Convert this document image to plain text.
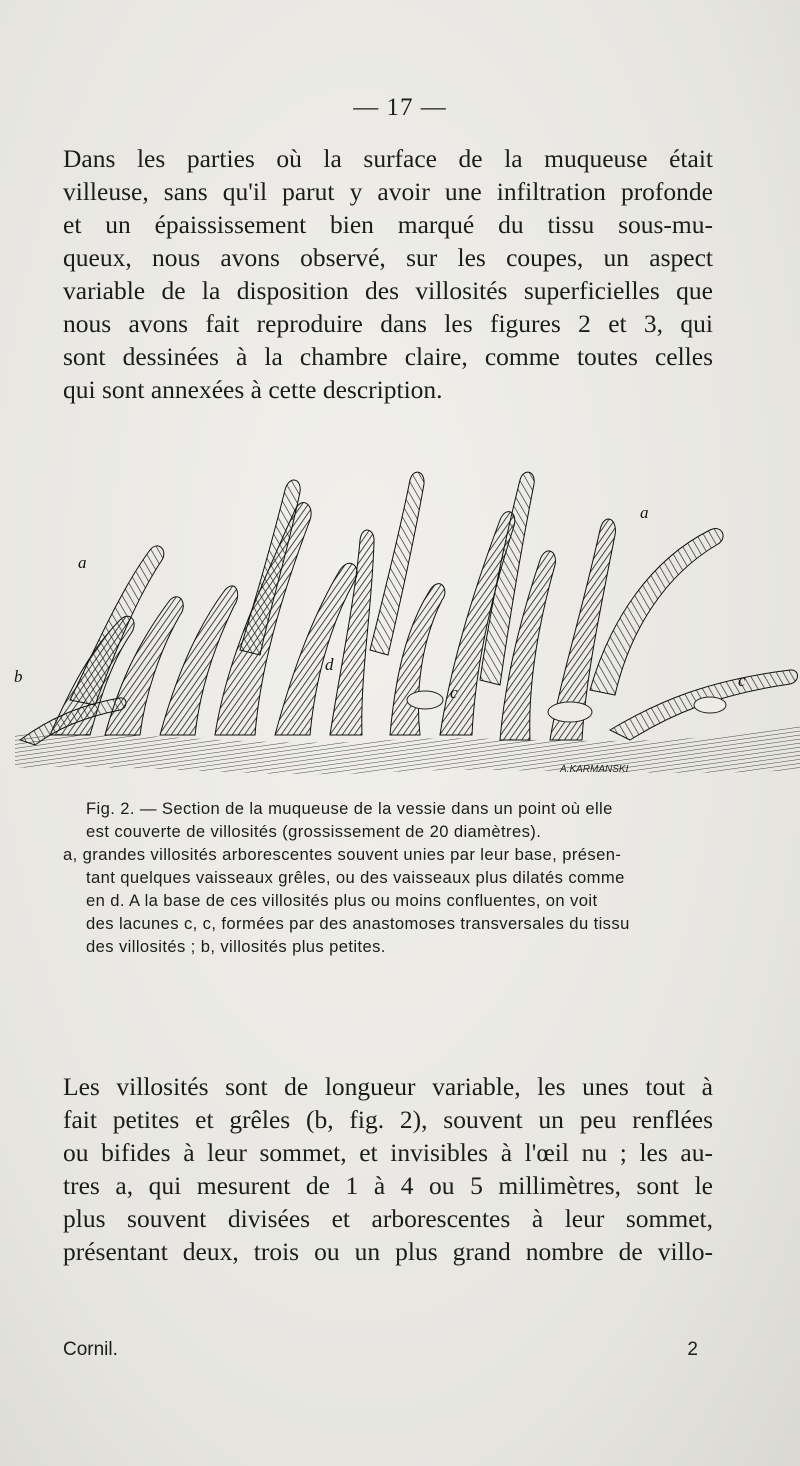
— 17 —

Dans les parties où la surface de la muqueuse était
villeuse, sans qu'il parut y avoir une infiltration profonde
et un épaississement bien marqué du tissu sous-mu-
queux, nous avons observé, sur les coupes, un aspect
variable de la disposition des villosités superficielles que
nous avons fait reproduire dans les figures 2 et 3, qui
sont dessinées à la chambre claire, comme toutes celles
qui sont annexées à cette description.

a
a
b
d
c
c
A.KARMANSKI
Fig. 2. — Section de la muqueuse de la vessie dans un point où elle
est couverte de villosités (grossissement de 20 diamètres).
a, grandes villosités arborescentes souvent unies par leur base, présen-
tant quelques vaisseaux grêles, ou des vaisseaux plus dilatés comme
en d. A la base de ces villosités plus ou moins confluentes, on voit
des lacunes c, c, formées par des anastomoses transversales du tissu
des villosités ; b, villosités plus petites.

Les villosités sont de longueur variable, les unes tout à
fait petites et grêles (b, fig. 2), souvent un peu renflées
ou bifides à leur sommet, et invisibles à l'œil nu ; les au-
tres a, qui mesurent de 1 à 4 ou 5 millimètres, sont le
plus souvent divisées et arborescentes à leur sommet,
présentant deux, trois ou un plus grand nombre de villo-

Cornil.	2
